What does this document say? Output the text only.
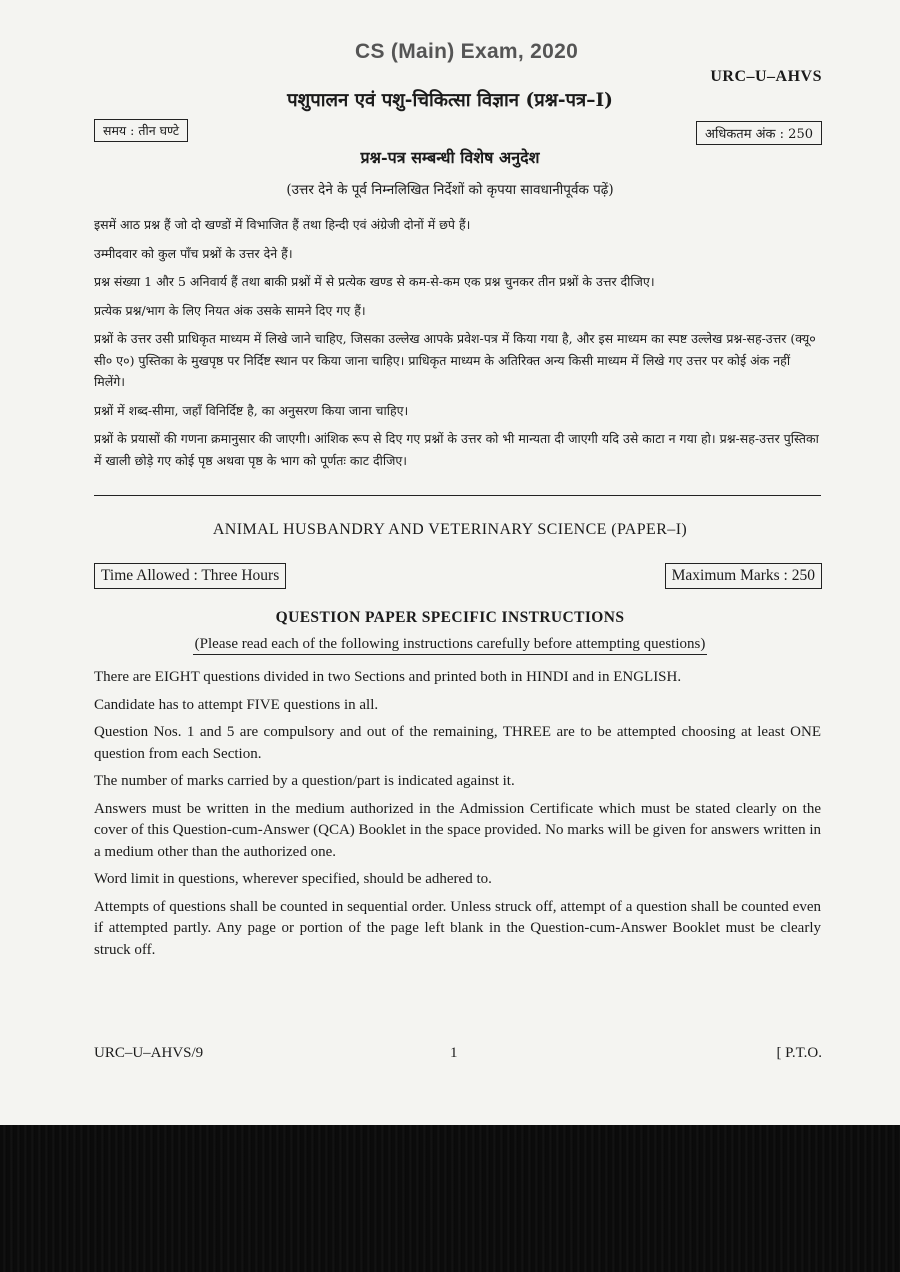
CS (Main) Exam, 2020
URC–U–AHVS
पशुपालन एवं पशु-चिकित्सा विज्ञान (प्रश्न-पत्र–I)
समय : तीन घण्टे	अधिकतम अंक : 250
प्रश्न-पत्र सम्बन्धी विशेष अनुदेश
(उत्तर देने के पूर्व निम्नलिखित निर्देशों को कृपया सावधानीपूर्वक पढ़ें)

इसमें आठ प्रश्न हैं जो दो खण्डों में विभाजित हैं तथा हिन्दी एवं अंग्रेजी दोनों में छपे हैं।

उम्मीदवार को कुल पाँच प्रश्नों के उत्तर देने हैं।

प्रश्न संख्या 1 और 5 अनिवार्य हैं तथा बाकी प्रश्नों में से प्रत्येक खण्ड से कम-से-कम एक प्रश्न चुनकर तीन प्रश्नों के उत्तर दीजिए।

प्रत्येक प्रश्न/भाग के लिए नियत अंक उसके सामने दिए गए हैं।

प्रश्नों के उत्तर उसी प्राधिकृत माध्यम में लिखे जाने चाहिए, जिसका उल्लेख आपके प्रवेश-पत्र में किया गया है, और इस माध्यम का स्पष्ट उल्लेख प्रश्न-सह-उत्तर (क्यू० सी० ए०) पुस्तिका के मुखपृष्ठ पर निर्दिष्ट स्थान पर किया जाना चाहिए। प्राधिकृत माध्यम के अतिरिक्त अन्य किसी माध्यम में लिखे गए उत्तर पर कोई अंक नहीं मिलेंगे।

प्रश्नों में शब्द-सीमा, जहाँ विनिर्दिष्ट है, का अनुसरण किया जाना चाहिए।

प्रश्नों के प्रयासों की गणना क्रमानुसार की जाएगी। आंशिक रूप से दिए गए प्रश्नों के उत्तर को भी मान्यता दी जाएगी यदि उसे काटा न गया हो। प्रश्न-सह-उत्तर पुस्तिका में खाली छोड़े गए कोई पृष्ठ अथवा पृष्ठ के भाग को पूर्णतः काट दीजिए।

ANIMAL HUSBANDRY AND VETERINARY SCIENCE (PAPER–I)
Time Allowed : Three Hours	Maximum Marks : 250
QUESTION PAPER SPECIFIC INSTRUCTIONS
(Please read each of the following instructions carefully before attempting questions)

There are EIGHT questions divided in two Sections and printed both in HINDI and in ENGLISH.

Candidate has to attempt FIVE questions in all.

Question Nos. 1 and 5 are compulsory and out of the remaining, THREE are to be attempted choosing at least ONE question from each Section.

The number of marks carried by a question/part is indicated against it.

Answers must be written in the medium authorized in the Admission Certificate which must be stated clearly on the cover of this Question-cum-Answer (QCA) Booklet in the space provided. No marks will be given for answers written in a medium other than the authorized one.

Word limit in questions, wherever specified, should be adhered to.

Attempts of questions shall be counted in sequential order. Unless struck off, attempt of a question shall be counted even if attempted partly. Any page or portion of the page left blank in the Question-cum-Answer Booklet must be clearly struck off.

URC–U–AHVS/9	1	[ P.T.O.
